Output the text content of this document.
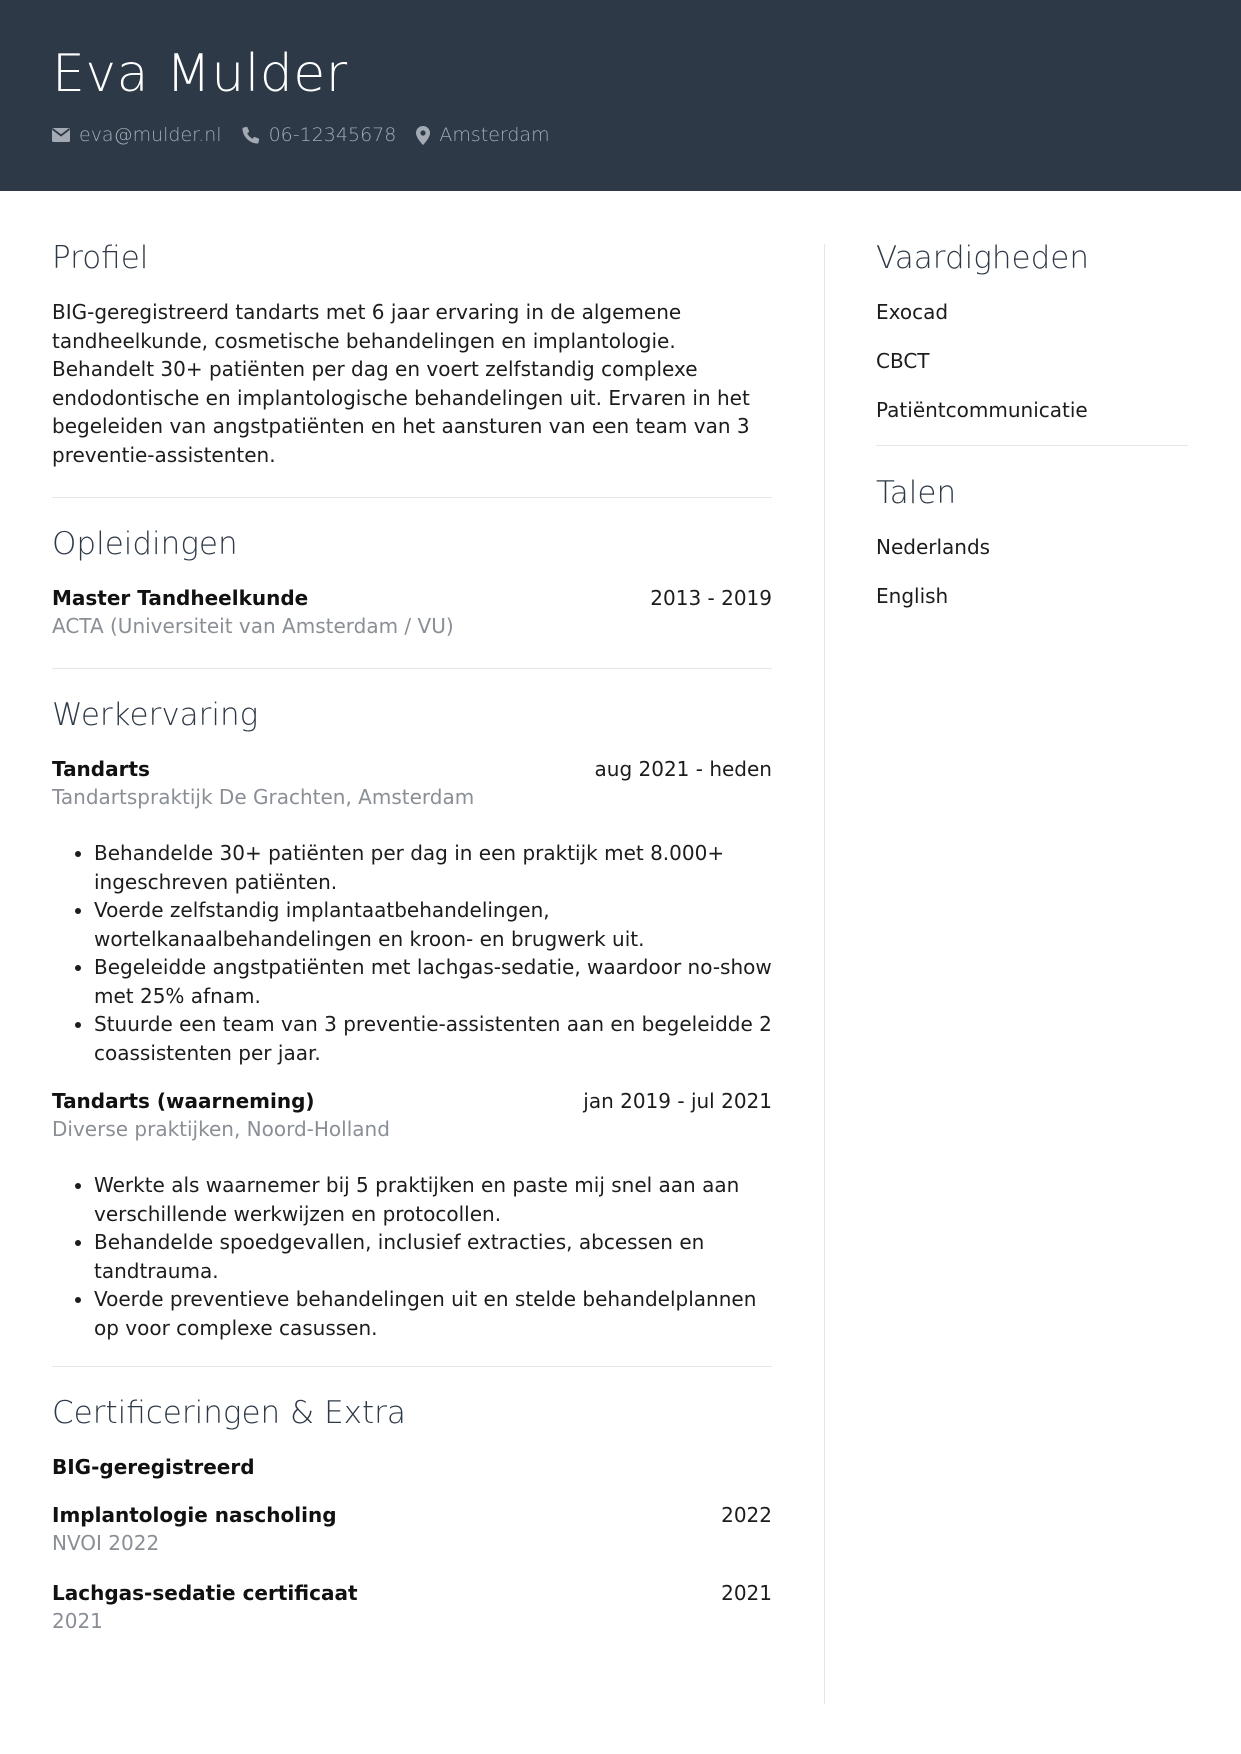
Eva Mulder
eva@mulder.nl 06-12345678 Amsterdam
Profiel

BIG-geregistreerd tandarts met 6 jaar ervaring in de algemene tandheelkunde, cosmetische behandelingen en implantologie. Behandelt 30+ patiënten per dag en voert zelfstandig complexe endodontische en implantologische behandelingen uit. Ervaren in het begeleiden van angstpatiënten en het aansturen van een team van 3 preventie-assistenten.

Opleidingen
Master Tandheelkunde	2013 - 2019
ACTA (Universiteit van Amsterdam / VU)
Werkervaring
Tandarts	aug 2021 - heden
Tandartspraktijk De Grachten, Amsterdam
• Behandelde 30+ patiënten per dag in een praktijk met 8.000+ ingeschreven patiënten.
• Voerde zelfstandig implantaatbehandelingen, wortelkanaalbehandelingen en kroon- en brugwerk uit.
• Begeleidde angstpatiënten met lachgas-sedatie, waardoor no-show met 25% afnam.
• Stuurde een team van 3 preventie-assistenten aan en begeleidde 2 coassistenten per jaar.
Tandarts (waarneming)	jan 2019 - jul 2021
Diverse praktijken, Noord-Holland
• Werkte als waarnemer bij 5 praktijken en paste mij snel aan aan verschillende werkwijzen en protocollen.
• Behandelde spoedgevallen, inclusief extracties, abcessen en tandtrauma.
• Voerde preventieve behandelingen uit en stelde behandelplannen op voor complexe casussen.
Certificeringen & Extra
BIG-geregistreerd
Implantologie nascholing	2022
NVOI 2022
Lachgas-sedatie certificaat	2021
2021
Vaardigheden
Exocad
CBCT
Patiëntcommunicatie
Talen
Nederlands
English
